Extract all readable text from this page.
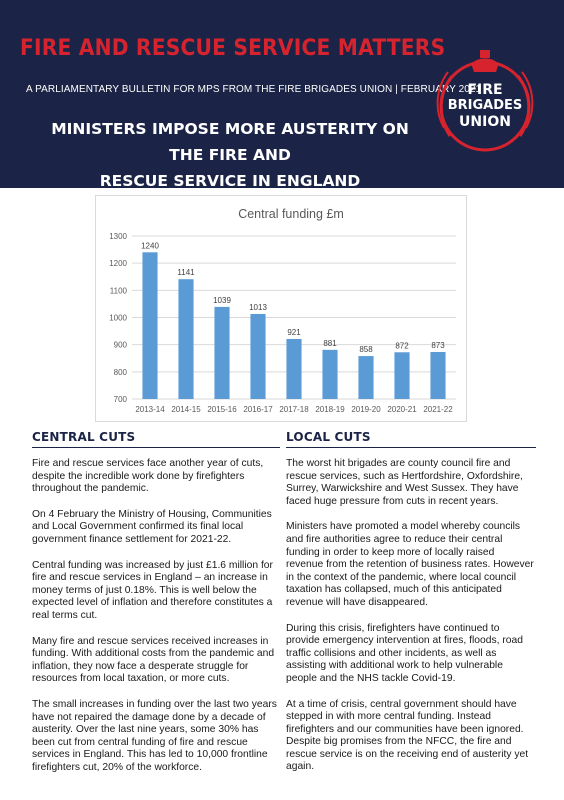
FIRE AND RESCUE SERVICE MATTERS
A PARLIAMENTARY BULLETIN FOR MPS FROM THE FIRE BRIGADES UNION | FEBRUARY 2021
MINISTERS IMPOSE MORE AUSTERITY ON THE FIRE AND
RESCUE SERVICE IN ENGLAND
FIRE
BRIGADES
UNION
Central funding £m
700
800
900
1000
1100
1200
1300
1240
2013-14
1141
2014-15
1039
2015-16
1013
2016-17
921
2017-18
881
2018-19
858
2019-20
872
2020-21
873
2021-22
CENTRAL CUTS

Fire and rescue services face another year of cuts, despite the incredible work done by firefighters throughout the pandemic.

On 4 February the Ministry of Housing, Communities and Local Government confirmed its final local government finance settlement for 2021-22.

Central funding was increased by just £1.6 million for fire and rescue services in England – an increase in money terms of just 0.18%. This is well below the expected level of inflation and therefore constitutes a real terms cut.

Many fire and rescue services received increases in funding. With additional costs from the pandemic and inflation, they now face a desperate struggle for resources from local taxation, or more cuts.

The small increases in funding over the last two years have not repaired the damage done by a decade of austerity. Over the last nine years, some 30% has been cut from central funding of fire and rescue services in England. This has led to 10,000 frontline firefighters cut, 20% of the workforce.

LOCAL CUTS

The worst hit brigades are county council fire and rescue services, such as Hertfordshire, Oxfordshire, Surrey, Warwickshire and West Sussex. They have faced huge pressure from cuts in recent years.

Ministers have promoted a model whereby councils and fire authorities agree to reduce their central funding in order to keep more of locally raised revenue from the retention of business rates. However in the context of the pandemic, where local council taxation has collapsed, much of this anticipated revenue will have disappeared.

During this crisis, firefighters have continued to provide emergency intervention at fires, floods, road traffic collisions and other incidents, as well as assisting with additional work to help vulnerable people and the NHS tackle Covid-19.

At a time of crisis, central government should have stepped in with more central funding. Instead firefighters and our communities have been ignored. Despite big promises from the NFCC, the fire and rescue service is on the receiving end of austerity yet again.
